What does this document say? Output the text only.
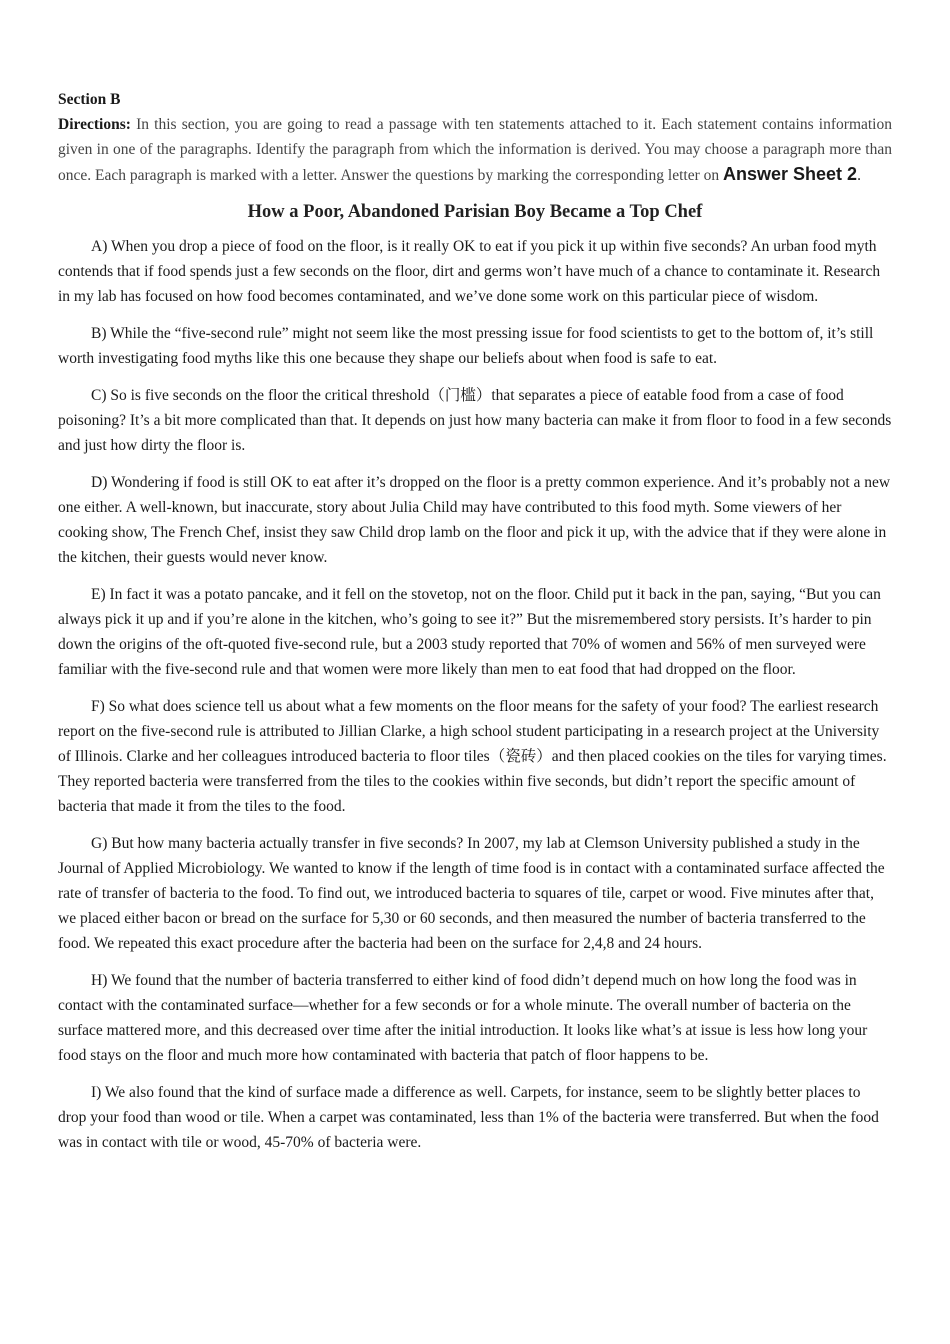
Section B

Directions: In this section, you are going to read a passage with ten statements attached to it. Each statement contains information given in one of the paragraphs. Identify the paragraph from which the information is derived. You may choose a paragraph more than once. Each paragraph is marked with a letter. Answer the questions by marking the corresponding letter on Answer Sheet 2.

How a Poor, Abandoned Parisian Boy Became a Top Chef

A) When you drop a piece of food on the floor, is it really OK to eat if you pick it up within five seconds? An urban food myth contends that if food spends just a few seconds on the floor, dirt and germs won’t have much of a chance to contaminate it. Research in my lab has focused on how food becomes contaminated, and we’ve done some work on this particular piece of wisdom.

B) While the “five-second rule” might not seem like the most pressing issue for food scientists to get to the bottom of, it’s still worth investigating food myths like this one because they shape our beliefs about when food is safe to eat.

C) So is five seconds on the floor the critical threshold（门槛）that separates a piece of eatable food from a case of food poisoning? It’s a bit more complicated than that. It depends on just how many bacteria can make it from floor to food in a few seconds and just how dirty the floor is.

D) Wondering if food is still OK to eat after it’s dropped on the floor is a pretty common experience. And it’s probably not a new one either. A well-known, but inaccurate, story about Julia Child may have contributed to this food myth. Some viewers of her cooking show, The French Chef, insist they saw Child drop lamb on the floor and pick it up, with the advice that if they were alone in the kitchen, their guests would never know.

E) In fact it was a potato pancake, and it fell on the stovetop, not on the floor. Child put it back in the pan, saying, “But you can always pick it up and if you’re alone in the kitchen, who’s going to see it?” But the misremembered story persists. It’s harder to pin down the origins of the oft-quoted five-second rule, but a 2003 study reported that 70% of women and 56% of men surveyed were familiar with the five-second rule and that women were more likely than men to eat food that had dropped on the floor.

F) So what does science tell us about what a few moments on the floor means for the safety of your food? The earliest research report on the five-second rule is attributed to Jillian Clarke, a high school student participating in a research project at the University of Illinois. Clarke and her colleagues introduced bacteria to floor tiles（瓷砖）and then placed cookies on the tiles for varying times. They reported bacteria were transferred from the tiles to the cookies within five seconds, but didn’t report the specific amount of bacteria that made it from the tiles to the food.

G) But how many bacteria actually transfer in five seconds? In 2007, my lab at Clemson University published a study in the Journal of Applied Microbiology. We wanted to know if the length of time food is in contact with a contaminated surface affected the rate of transfer of bacteria to the food. To find out, we introduced bacteria to squares of tile, carpet or wood. Five minutes after that, we placed either bacon or bread on the surface for 5,30 or 60 seconds, and then measured the number of bacteria transferred to the food. We repeated this exact procedure after the bacteria had been on the surface for 2,4,8 and 24 hours.

H) We found that the number of bacteria transferred to either kind of food didn’t depend much on how long the food was in contact with the contaminated surface—whether for a few seconds or for a whole minute. The overall number of bacteria on the surface mattered more, and this decreased over time after the initial introduction. It looks like what’s at issue is less how long your food stays on the floor and much more how contaminated with bacteria that patch of floor happens to be.

I) We also found that the kind of surface made a difference as well. Carpets, for instance, seem to be slightly better places to drop your food than wood or tile. When a carpet was contaminated, less than 1% of the bacteria were transferred. But when the food was in contact with tile or wood, 45-70% of bacteria were.
